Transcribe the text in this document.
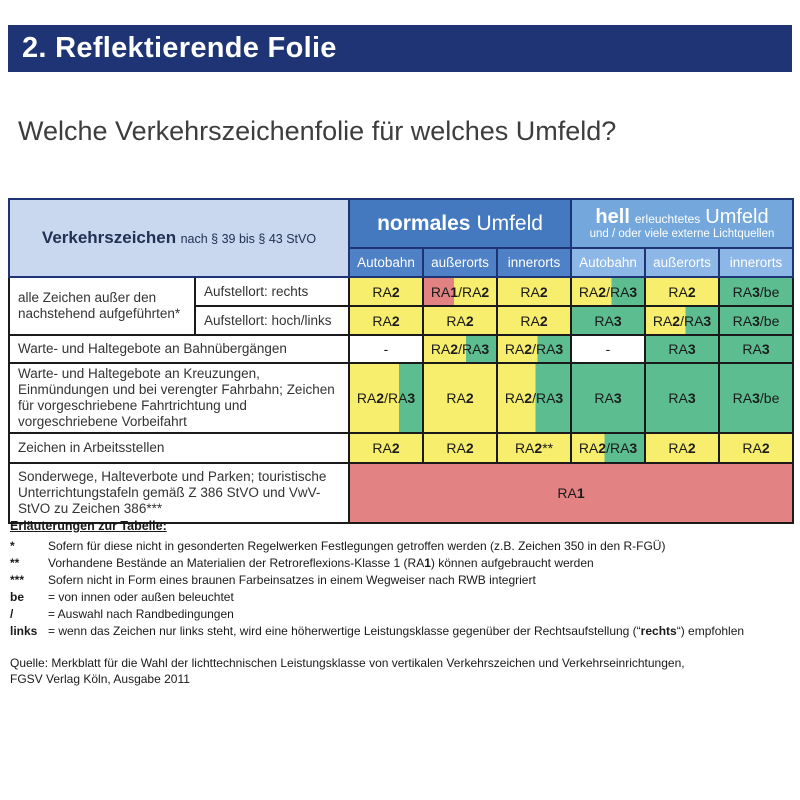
2. Reflektierende Folie
Welche Verkehrszeichenfolie für welches Umfeld?
Verkehrszeichen nach § 39 bis § 43 StVO		normales Umfeld			hell erleuchtetes Umfeld
und / oder viele externe Lichtquellen		

		Autobahn	außerorts	innerorts	Autobahn	außerorts	innerorts
alle Zeichen außer den nachstehend aufgeführten*	Aufstellort: rechts	RA2	RA1/RA2	RA2	RA2/RA3	RA2	RA3/be
	Aufstellort: hoch/links	RA2	RA2	RA2	RA3	RA2/RA3	RA3/be
Warte- und Haltegebote an Bahnübergängen		-	RA2/RA3	RA2/RA3	-	RA3	RA3
Warte- und Haltegebote an Kreuzungen, Einmündungen und bei verengter Fahrbahn; Zeichen für vorgeschriebene Fahrtrichtung und vorgeschriebene Vorbeifahrt		RA2/RA3	RA2	RA2/RA3	RA3	RA3	RA3/be
Zeichen in Arbeitsstellen		RA2	RA2	RA2**	RA2/RA3	RA2	RA2
Sonderwege, Halteverbote und Parken; touristische Unterrichtungstafeln gemäß Z 386 StVO und VwV-StVO zu Zeichen 386***		RA1					
Erläuterungen zur Tabelle:
*	Sofern für diese nicht in gesonderten Regelwerken Festlegungen getroffen werden (z.B. Zeichen 350 in den R-FGÜ)
**	Vorhandene Bestände an Materialien der Retroreflexions-Klasse 1 (RA1) können aufgebraucht werden
***	Sofern nicht in Form eines braunen Farbeinsatzes in einem Wegweiser nach RWB integriert
be	= von innen oder außen beleuchtet
/	= Auswahl nach Randbedingungen
links = wenn das Zeichen nur links steht, wird eine höherwertige Leistungsklasse gegenüber der Rechtsaufstellung (“rechts“) empfohlen
Quelle: Merkblatt für die Wahl der lichttechnischen Leistungsklasse von vertikalen Verkehrszeichen und Verkehrseinrichtungen,
FGSV Verlag Köln, Ausgabe 2011
